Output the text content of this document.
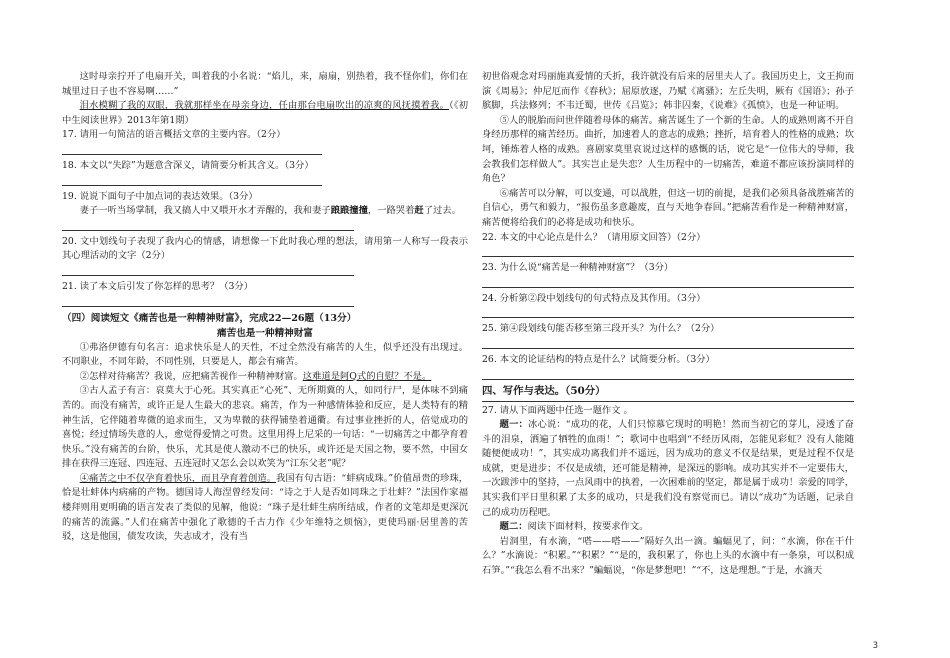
这时母亲拧开了电扇开关，叫着我的小名说：“焰儿，来，扇扇，别热着，我不怪你们，你们在城里过日子也不容易啊……”

泪水模糊了我的双眼，我就那样坐在母亲身边，任由那台电扇吹出的凉爽的风抚摸着我。（《初中生阅读世界》2013年第1期）

17. 请用一句简洁的语言概括文章的主要内容。（2分）

18. 本文以“失踪”为题意含深义，请简要分析其含义。（3分）

19. 说说下面句子中加点词的表达效果。（3分）

妻子一听当场掌制，我又搞人中又喂开水才弄醒的，我和妻子踉踉撞撞，一路哭着赶了过去。

20. 文中划线句子表现了我内心的情感，请想像一下此时我心理的想法，请用第一人称写一段表示其心理活动的文字（2分）

21. 读了本文后引发了你怎样的思考？（3分）

（四）阅读短文《痛苦也是一种精神财富》，完成22—26题（13分）

痛苦也是一种精神财富

①弗洛伊德有句名言：追求快乐是人的天性，不过全然没有痛苦的人生，似乎还没有出现过。不同职业，不同年龄，不同性别，只要是人，都会有痛苦。

②怎样对待痛苦？我说，应把痛苦视作一种精神财富。这难道是阿Q式的自慰？不是。

③古人孟子有言：哀莫大于心死。其实真正“心死”、无所期冀的人，如同行尸，是体味不到痛苦的。而没有痛苦，或许正是人生最大的悲哀。痛苦，作为一种感情体验和反应，是人类特有的精神生活，它伴随着卑微的追求而生，又为卑微的获得铺垫着通衢。有过事业挫折的人，倍觉成功的喜悦；经过情场失意的人，愈觉得爱情之可贵。这里用得上尼采的一句话：“一切痛苦之中都孕育着快乐。”没有痛苦的台阶，快乐，尤其是使人激动不已的快乐，或许还是天国之物，要不然，中国女排在获得三连冠、四连冠、五连冠时又怎么会以欢笑为“江东父老”呢？

④痛苦之中不仅孕育着快乐，而且孕育着创造。我国有句古语：“蚌病成珠。”价值昂贵的珍珠，恰是壮蚌体内病痛的产物。德国诗人海涅曾经发问：“诗之于人是否如同珠之于壮蚌？”法国作家福楼拜则用更明确的语言发表了类似的见解，他说：“珠子是壮蚌生病所结成，作者的文笔却是更深沉的痛苦的流露。”人们在痛苦中强化了歌德的千古力作《少年维特之烦恼》，更使玛丽·居里善的苦驳，这是他国，债发攻读，失志成才，没有当

初世俗观念对玛丽施真爱情的夭折，我许就没有后来的居里夫人了。我国历史上，文王拘而演《周易》；仲尼厄而作《春秋》；屈原放逐，乃赋《离骚》；左丘失明，厥有《国语》；孙子膑脚，兵法修列；不韦迁蜀，世传《吕览》；韩非囚秦，《说难》《孤愤》，也是一种证明。

⑤人的脱胎而问世伴随着母体的痛苦。痛苦诞生了一个新的生命。人的成熟则离不开自身经历那样的痛苦经历。曲折，加速着人的意志的成熟；挫折，培育着人的性格的成熟；坎坷，锤炼着人格的成熟。喜剧家莫里哀说过这样的感慨的话，说它是“一位伟大的导师，我会教我们怎样做人”。其实岂止是失恋？人生历程中的一切痛苦，难道不都应该扮演同样的角色？

⑥痛苦可以分解，可以变通，可以战胜，但这一切的前提，是我们必须具备战胜痛苦的自信心，勇气和毅力，“报伤虽多意趣废，直与天地争春回。”把痛苦看作是一种精神财富，痛苦便将给我们的必将是成功和快乐。

22. 本文的中心论点是什么？（请用原文回答）（2分）

23. 为什么说“痛苦是一种精神财富”？（3分）

24. 分析第②段中划线句的句式特点及其作用。（3分）

25. 第④段划线句能否移至第三段开头？为什么？（2分）

26. 本文的论证结构的特点是什么？试简要分析。（3分）

四、写作与表达。（50分）

27. 请从下面两题中任选一题作文 。

题一：冰心说：“成功的花，人们只惊慕它现时的明艳！然而当初它的芽儿，浸透了奋斗的泪泉，洒遍了牺牲的血雨！”；歌词中也唱到“不经历风雨，怎能见彩虹？没有人能随随便便成功！”，其实成功离我们并不遥远，因为成功的意义不仅是结果，更是过程不仅是成就，更是进步；不仅是成绩，还可能是精神，是深远的影响。成功其实并不一定要伟大，一次跋涉中的坚持，一点风雨中的执着，一次困难前的坚定，都是属于成功！亲爱的同学，其实我们平日里积累了太多的成功，只是我们没有察觉而已。请以“成功”为话题，记录自己的成功历程吧。

题二：阅读下面材料，按要求作文。

岩洞里，有水滴，“嗒——嗒——”隔好久出一滴。蝙蝠见了，问：“水滴，你在干什么？”水滴说：“积累。”“积累？”“是的，我积累了，你也上头的水滴中有一条泉，可以积成石笋。”“我怎么看不出来？”蝙蝠说，“你是梦想吧！”“不，这是理想。”于是，水滴天

3
